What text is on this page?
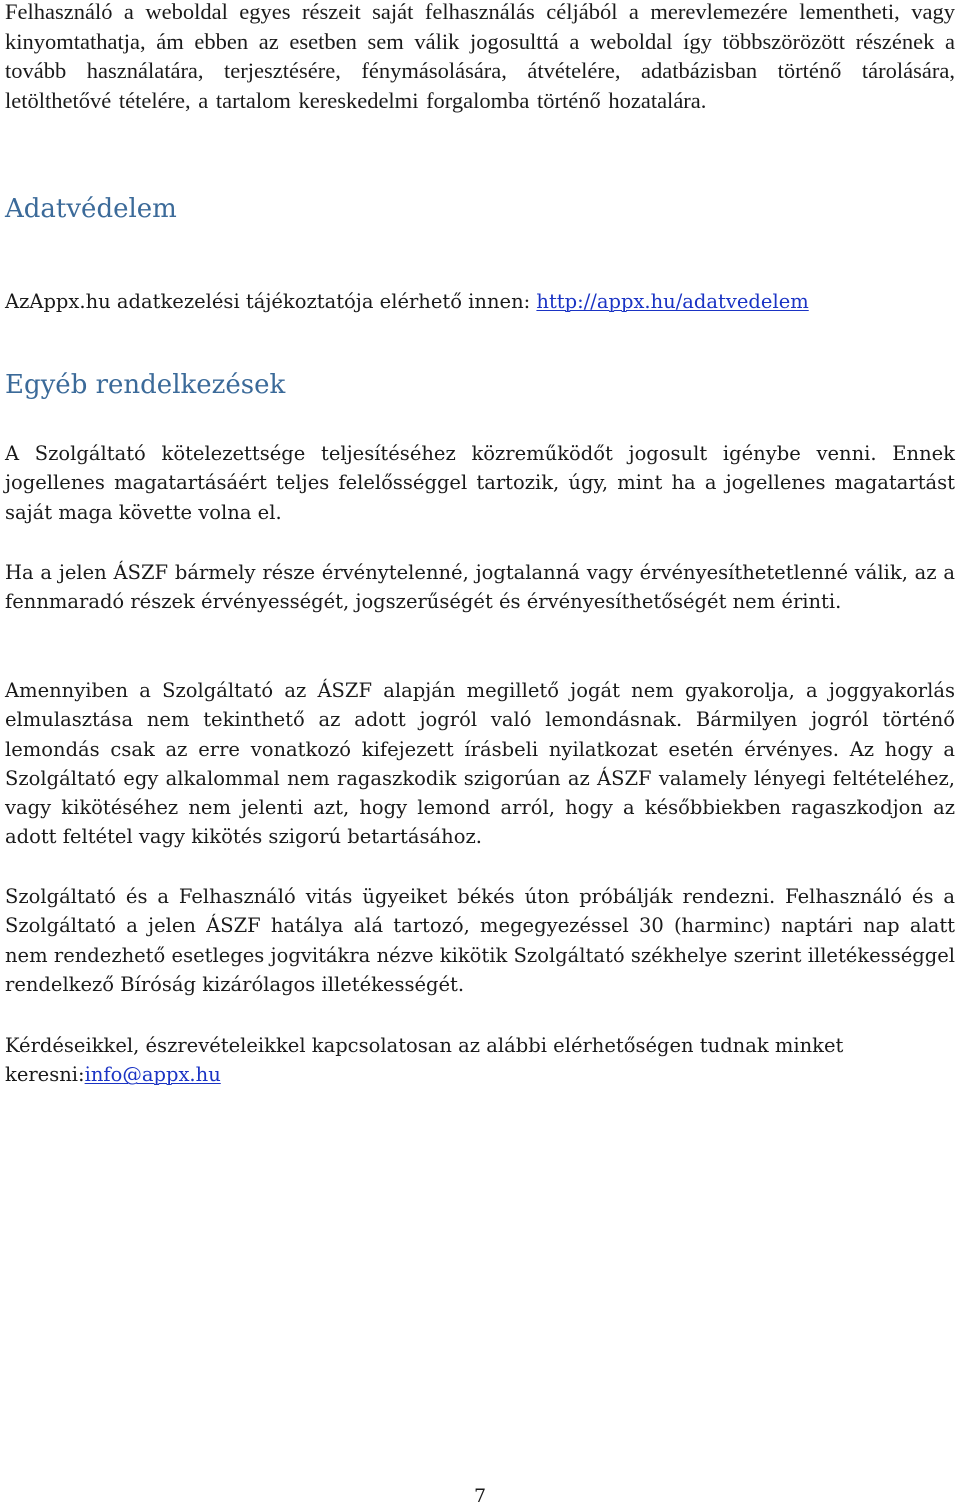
Felhasználó a weboldal egyes részeit saját felhasználás céljából a merevlemezére lementheti, vagy kinyomtathatja, ám ebben az esetben sem válik jogosulttá a weboldal így többszörözött részének a tovább használatára, terjesztésére, fénymásolására, átvételére, adatbázisban történő tárolására, letölthetővé tételére, a tartalom kereskedelmi forgalomba történő hozatalára.

Adatvédelem

AzAppx.hu adatkezelési tájékoztatója elérhető innen: http://appx.hu/adatvedelem

Egyéb rendelkezések

A Szolgáltató kötelezettsége teljesítéséhez közreműködőt jogosult igénybe venni. Ennek jogellenes magatartásáért teljes felelősséggel tartozik, úgy, mint ha a jogellenes magatartást saját maga követte volna el.

Ha a jelen ÁSZF bármely része érvénytelenné, jogtalanná vagy érvényesíthetetlenné válik, az a fennmaradó részek érvényességét, jogszerűségét és érvényesíthetőségét nem érinti.

Amennyiben a Szolgáltató az ÁSZF alapján megillető jogát nem gyakorolja, a joggyakorlás elmulasztása nem tekinthető az adott jogról való lemondásnak. Bármilyen jogról történő lemondás csak az erre vonatkozó kifejezett írásbeli nyilatkozat esetén érvényes. Az hogy a Szolgáltató egy alkalommal nem ragaszkodik szigorúan az ÁSZF valamely lényegi feltételéhez, vagy kikötéséhez nem jelenti azt, hogy lemond arról, hogy a későbbiekben ragaszkodjon az adott feltétel vagy kikötés szigorú betartásához.

Szolgáltató és a Felhasználó vitás ügyeiket békés úton próbálják rendezni. Felhasználó és a Szolgáltató a jelen ÁSZF hatálya alá tartozó, megegyezéssel 30 (harminc) naptári nap alatt nem rendezhető esetleges jogvitákra nézve kikötik Szolgáltató székhelye szerint illetékességgel rendelkező Bíróság kizárólagos illetékességét.

Kérdéseikkel, észrevételeikkel kapcsolatosan az alábbi elérhetőségen tudnak minket keresni:info@appx.hu

7
